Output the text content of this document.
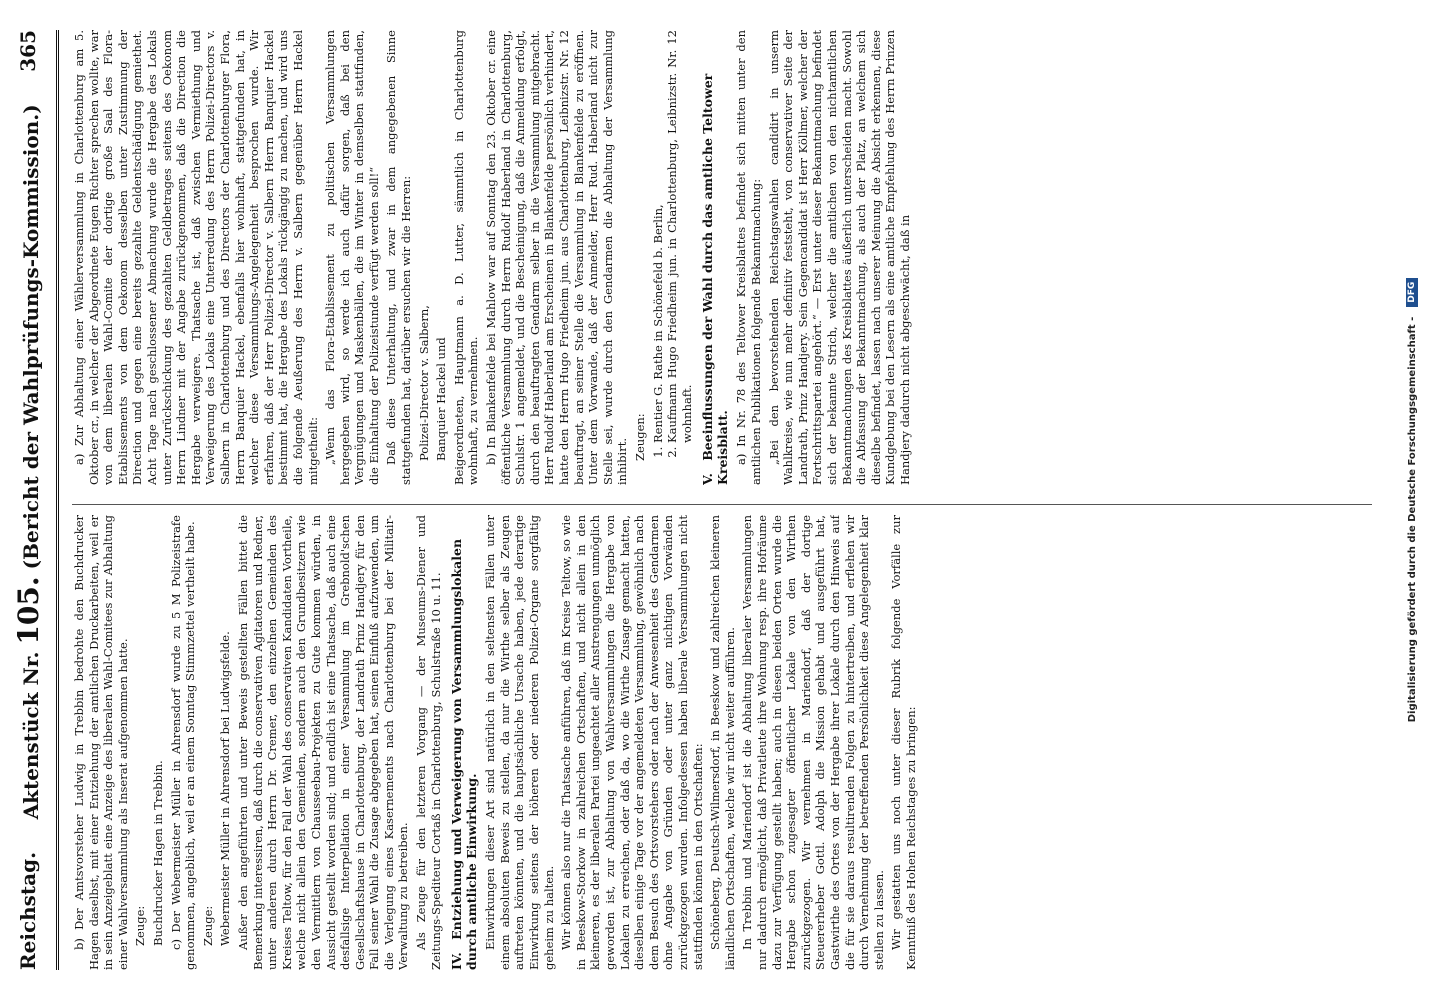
Reichstag.
Aktenstück Nr. 105. (Bericht der Wahlprüfungs-Kommission.)
365

b) Der Amtsvorsteher Ludwig in Trebbin bedrohte den Buchdrucker Hagen daselbst, mit einer Entziehung der amtlichen Druckarbeiten, weil er in sein Anzeigeblatt eine Anzeige des liberalen Wahl-Comitees zur Abhaltung einer Wahlversammlung als Inserat aufgenommen hatte. Zeuge: Buchdrucker Hagen in Trebbin. c) Der Webermeister Müller in Ahrensdorf wurde zu 5 M Polizeistrafe genommen, angeblich, weil er an einem Sonntag Stimmzettel vertheilt habe. Zeuge: Webermeister Müller in Ahrensdorf bei Ludwigsfelde. Außer den angeführten und unter Beweis gestellten Fällen bittet die Bemerkung interessiren, daß durch die conservativen Agitatoren und Redner, unter anderen durch Herrn Dr. Cremer, den einzelnen Gemeinden des Kreises Teltow, für den Fall der Wahl des conservativen Kandidaten Vortheile, welche nicht allein den Gemeinden, sondern auch den Grundbesitzern wie den Vermittlern von Chausseebau-Projekten zu Gute kommen würden, in Aussicht gestellt worden sind; und endlich ist eine Thatsache, daß auch eine desfallsige Interpellation in einer Versammlung im Grebnold'schen Gesellschaftshause in Charlottenburg, der Landrath Prinz Handjery für den Fall seiner Wahl die Zusage abgegeben hat, seinen Einfluß aufzuwenden, um die Verlegung eines Kasernements nach Charlottenburg bei der Militair-Verwaltung zu betreiben. Als Zeuge für den letzteren Vorgang — der Museums-Diener und Zeitungs-Spediteur Cortaß in Charlottenburg, Schulstraße 10 u. 11. IV. Entziehung und Verweigerung von Versammlungslokalen durch amtliche Einwirkung. Einwirkungen dieser Art sind natürlich in den seltensten Fällen unter einem absoluten Beweis zu stellen, da nur die Wirthe selber als Zeugen auftreten könnten, und die hauptsächliche Ursache haben, jede derartige Einwirkung seitens der höheren oder niederen Polizei-Organe sorgfältig geheim zu halten. Wir können also nur die Thatsache anführen, daß im Kreise Teltow, so wie in Beeskow-Storkow in zahlreichen Ortschaften, und nicht allein in den kleineren, es der liberalen Partei ungeachtet aller Anstrengungen unmöglich geworden ist, zur Abhaltung von Wahlversammlungen die Hergabe von Lokalen zu erreichen, oder daß da, wo die Wirthe Zusage gemacht hatten, dieselben einige Tage vor der angemeldeten Versammlung, gewöhnlich nach dem Besuch des Ortsvorstehers oder nach der Anwesenheit des Gendarmen ohne Angabe von Gründen oder unter ganz nichtigen Vorwänden zurückgezogen wurden. Infolgedessen haben liberale Versammlungen nicht stattfinden können in den Ortschaften: Schöneberg, Deutsch-Wilmersdorf, in Beeskow und zahlreichen kleineren ländlichen Ortschaften, welche wir nicht weiter aufführen. In Trebbin und Mariendorf ist die Abhaltung liberaler Versammlungen nur dadurch ermöglicht, daß Privatleute ihre Wohnung resp. ihre Hofräume dazu zur Verfügung gestellt haben; auch in diesen beiden Orten wurde die Hergabe schon zugesagter öffentlicher Lokale von den Wirthen zurückgezogen. Wir vernehmen in Mariendorf, daß der dortige Steuererheber Gottl. Adolph die Mission gehabt und ausgeführt hat, Gastwirthe des Ortes von der Hergabe ihrer Lokale durch den Hinweis auf die für sie daraus resultirenden Folgen zu hintertreiben, und erflehen wir durch Vernehmung der betreffenden Persönlichkeit diese Angelegenheit klar stellen zu lassen. Wir gestatten uns noch unter dieser Rubrik folgende Vorfälle zur Kenntniß des Hohen Reichstages zu bringen:

a) Zur Abhaltung einer Wählerversammlung in Charlottenburg am 5. Oktober cr., in welcher der Abgeordnete Eugen Richter sprechen wollte, war von dem liberalen Wahl-Comite der dortige große Saal des Flora-Etablissements von dem Oekonom desselben unter Zustimmung der Direction und gegen eine bereits gezahlte Geldentschädigung gemiethet. Acht Tage nach geschlossener Abmachung wurde die Hergabe des Lokals unter Zurückschickung des gezahlten Geldbetrages seitens des Oekonom Herrn Lindner mit der Angabe zurückgenommen, daß die Direction die Hergabe verweigere. Thatsache ist, daß zwischen Vermiethung und Verweigerung des Lokals eine Unterredung des Herrn Polizei-Directors v. Salbern in Charlottenburg und des Directors der Charlottenburger Flora, Herrn Banquier Hackel, ebenfalls hier wohnhaft, stattgefunden hat, in welcher diese Versammlungs-Angelegenheit besprochen wurde. Wir erfahren, daß der Herr Polizei-Director v. Salbern Herrn Banquier Hackel bestimmt hat, die Hergabe des Lokals rückgängig zu machen, und wird uns die folgende Aeußerung des Herrn v. Salbern gegenüber Herrn Hackel mitgetheilt: „Wenn das Flora-Etablissement zu politischen Versammlungen hergegeben wird, so werde ich auch dafür sorgen, daß bei den Vergnügungen und Maskenbällen, die im Winter in demselben stattfinden, die Einhaltung der Polizeistunde verfügt werden soll!“ Daß diese Unterhaltung, und zwar in dem angegebenen Sinne stattgefunden hat, darüber ersuchen wir die Herren: Polizei-Director v. Salbern, Banquier Hackel und Beigeordneten, Hauptmann a. D. Lutter, sämmtlich in Charlottenburg wohnhaft, zu vernehmen. b) In Blankenfelde bei Mahlow war auf Sonntag den 23. Oktober cr. eine öffentliche Versammlung durch Herrn Rudolf Haberland in Charlottenburg, Schulstr. 1 angemeldet, und die Bescheinigung, daß die Anmeldung erfolgt, durch den beauftragten Gendarm selber in die Versammlung mitgebracht. Herr Rudolf Haberland am Erscheinen in Blankenfelde persönlich verhindert, hatte den Herrn Hugo Friedheim jun. aus Charlottenburg, Leibnizstr. Nr. 12 beauftragt, an seiner Stelle die Versammlung in Blankenfelde zu eröffnen. Unter dem Vorwande, daß der Anmelder, Herr Rud. Haberland nicht zur Stelle sei, wurde durch den Gendarmen die Abhaltung der Versammlung inhibirt.

Zeugen: 1. Rentier G. Rathe in Schönefeld b. Berlin, 2. Kaufmann Hugo Friedheim jun. in Charlottenburg, Leibnizstr. Nr. 12 wohnhaft.
V. Beeinflussungen der Wahl durch das amtliche Teltower Kreisblatt. a) In Nr. 78 des Teltower Kreisblattes befindet sich mitten unter den amtlichen Publikationen folgende Bekanntmachung: „Bei den bevorstehenden Reichstagswahlen candidirt in unserm Wahlkreise, wie nun mehr definitiv feststeht, von conservativer Seite der Landrath, Prinz Handjery. Sein Gegencandidat ist Herr Köllmer, welcher der Fortschrittspartei angehört.“ — Erst unter dieser Bekanntmachung befindet sich der bekannte Strich, welcher die amtlichen von den nichtamtlichen Bekanntmachungen des Kreisblattes äußerlich unterscheiden macht. Sowohl die Abfassung der Bekanntmachung, als auch der Platz, an welchem sich dieselbe befindet, lassen nach unserer Meinung die Absicht erkennen, diese Kundgebung bei den Lesern als eine amtliche Empfehlung des Herrn Prinzen Handjery dadurch nicht abgeschwächt, daß in	Digitalisierung gefördert durch die Deutsche Forschungsgemeinschaft -
DFG
